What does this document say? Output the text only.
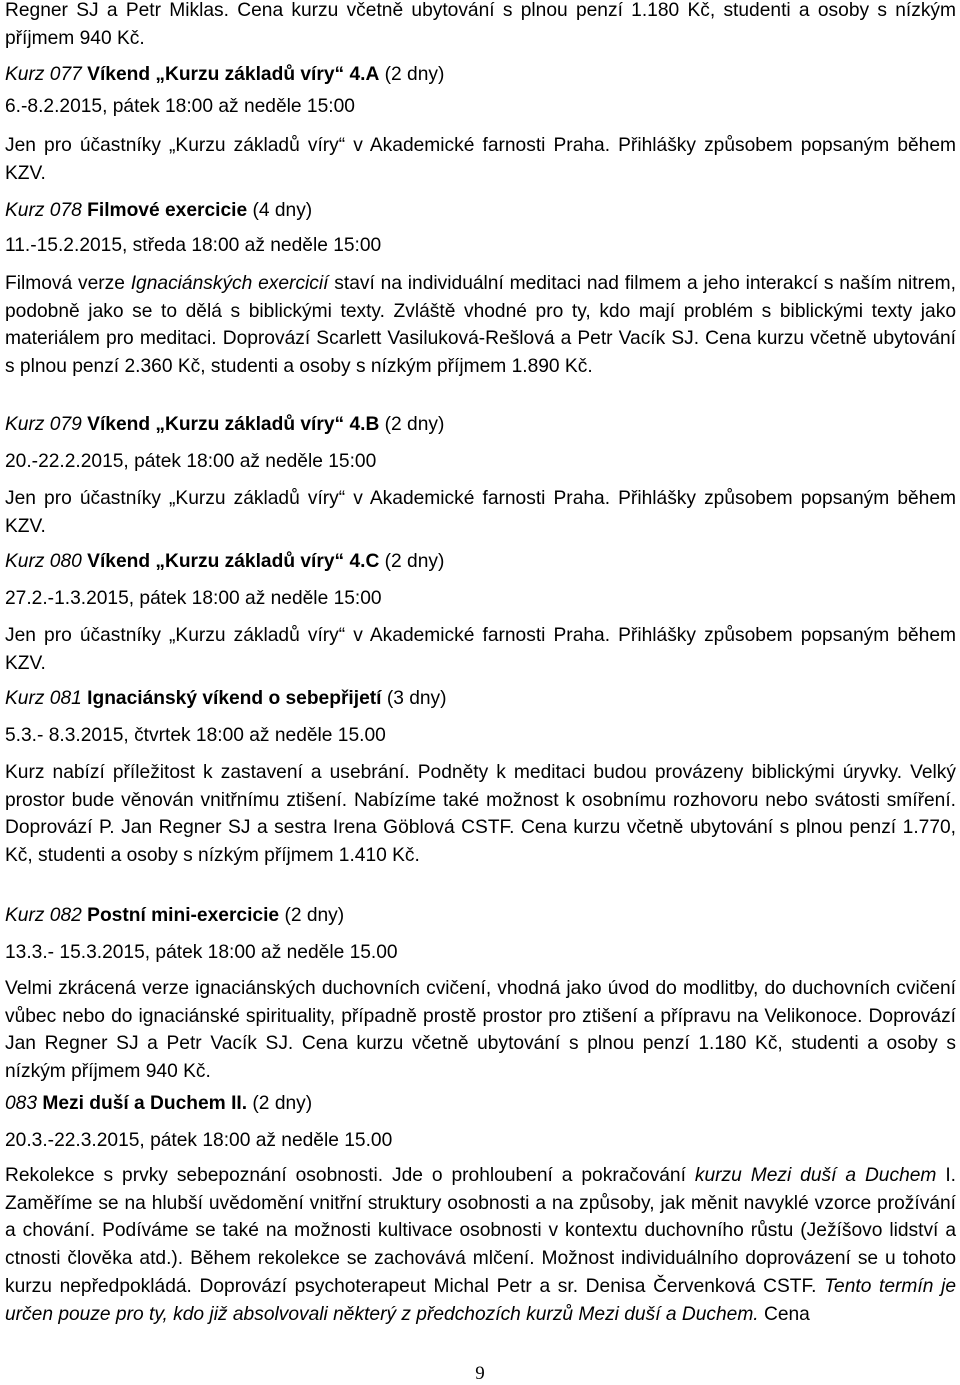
Regner SJ a Petr Miklas. Cena kurzu včetně ubytování s plnou penzí 1.180 Kč, studenti a osoby s nízkým příjmem 940 Kč.
Kurz 077 Víkend „Kurzu základů víry“ 4.A (2 dny)
6.-8.2.2015, pátek 18:00 až neděle 15:00
Jen pro účastníky „Kurzu základů víry“ v Akademické farnosti Praha. Přihlášky způsobem popsaným během KZV.
Kurz 078 Filmové exercicie (4 dny)
11.-15.2.2015, středa 18:00 až neděle 15:00
Filmová verze Ignaciánských exercicií staví na individuální meditaci nad filmem a jeho interakcí s naším nitrem, podobně jako se to dělá s biblickými texty. Zvláště vhodné pro ty, kdo mají problém s biblickými texty jako materiálem pro meditaci. Doprovází Scarlett Vasiluková-Rešlová a Petr Vacík SJ. Cena kurzu včetně ubytování s plnou penzí 2.360 Kč, studenti a osoby s nízkým příjmem 1.890 Kč.
Kurz 079 Víkend „Kurzu základů víry“ 4.B (2 dny)
20.-22.2.2015, pátek 18:00 až neděle 15:00
Jen pro účastníky „Kurzu základů víry“ v Akademické farnosti Praha. Přihlášky způsobem popsaným během KZV.
Kurz 080 Víkend „Kurzu základů víry“ 4.C (2 dny)
27.2.-1.3.2015, pátek 18:00 až neděle 15:00
Jen pro účastníky „Kurzu základů víry“ v Akademické farnosti Praha. Přihlášky způsobem popsaným během KZV.
Kurz 081 Ignaciánský víkend o sebepřijetí (3 dny)
5.3.- 8.3.2015, čtvrtek 18:00 až neděle 15.00
Kurz nabízí příležitost k zastavení a usebrání. Podněty k meditaci budou provázeny biblickými úryvky. Velký prostor bude věnován vnitřnímu ztišení. Nabízíme také možnost k osobnímu rozhovoru nebo svátosti smíření. Doprovází P. Jan Regner SJ a sestra Irena Göblová CSTF. Cena kurzu včetně ubytování s plnou penzí 1.770, Kč, studenti a osoby s nízkým příjmem 1.410 Kč.
Kurz 082 Postní mini-exercicie (2 dny)
13.3.- 15.3.2015, pátek 18:00 až neděle 15.00
Velmi zkrácená verze ignaciánských duchovních cvičení, vhodná jako úvod do modlitby, do duchovních cvičení vůbec nebo do ignaciánské spirituality, případně prostě prostor pro ztišení a přípravu na Velikonoce. Doprovází Jan Regner SJ a Petr Vacík SJ. Cena kurzu včetně ubytování s plnou penzí 1.180 Kč, studenti a osoby s nízkým příjmem 940 Kč.
083 Mezi duší a Duchem II. (2 dny)
20.3.-22.3.2015, pátek 18:00 až neděle 15.00
Rekolekce s prvky sebepoznání osobnosti. Jde o prohloubení a pokračování kurzu Mezi duší a Duchem I. Zaměříme se na hlubší uvědomění vnitřní struktury osobnosti a na způsoby, jak měnit navyklé vzorce prožívání a chování. Podíváme se také na možnosti kultivace osobnosti v kontextu duchovního růstu (Ježíšovo lidství a ctnosti člověka atd.). Během rekolekce se zachovává mlčení. Možnost individuálního doprovázení se u tohoto kurzu nepředpokládá. Doprovází psychoterapeut Michal Petr a sr. Denisa Červenková CSTF. Tento termín je určen pouze pro ty, kdo již absolvovali některý z předchozích kurzů Mezi duší a Duchem. Cena
9
